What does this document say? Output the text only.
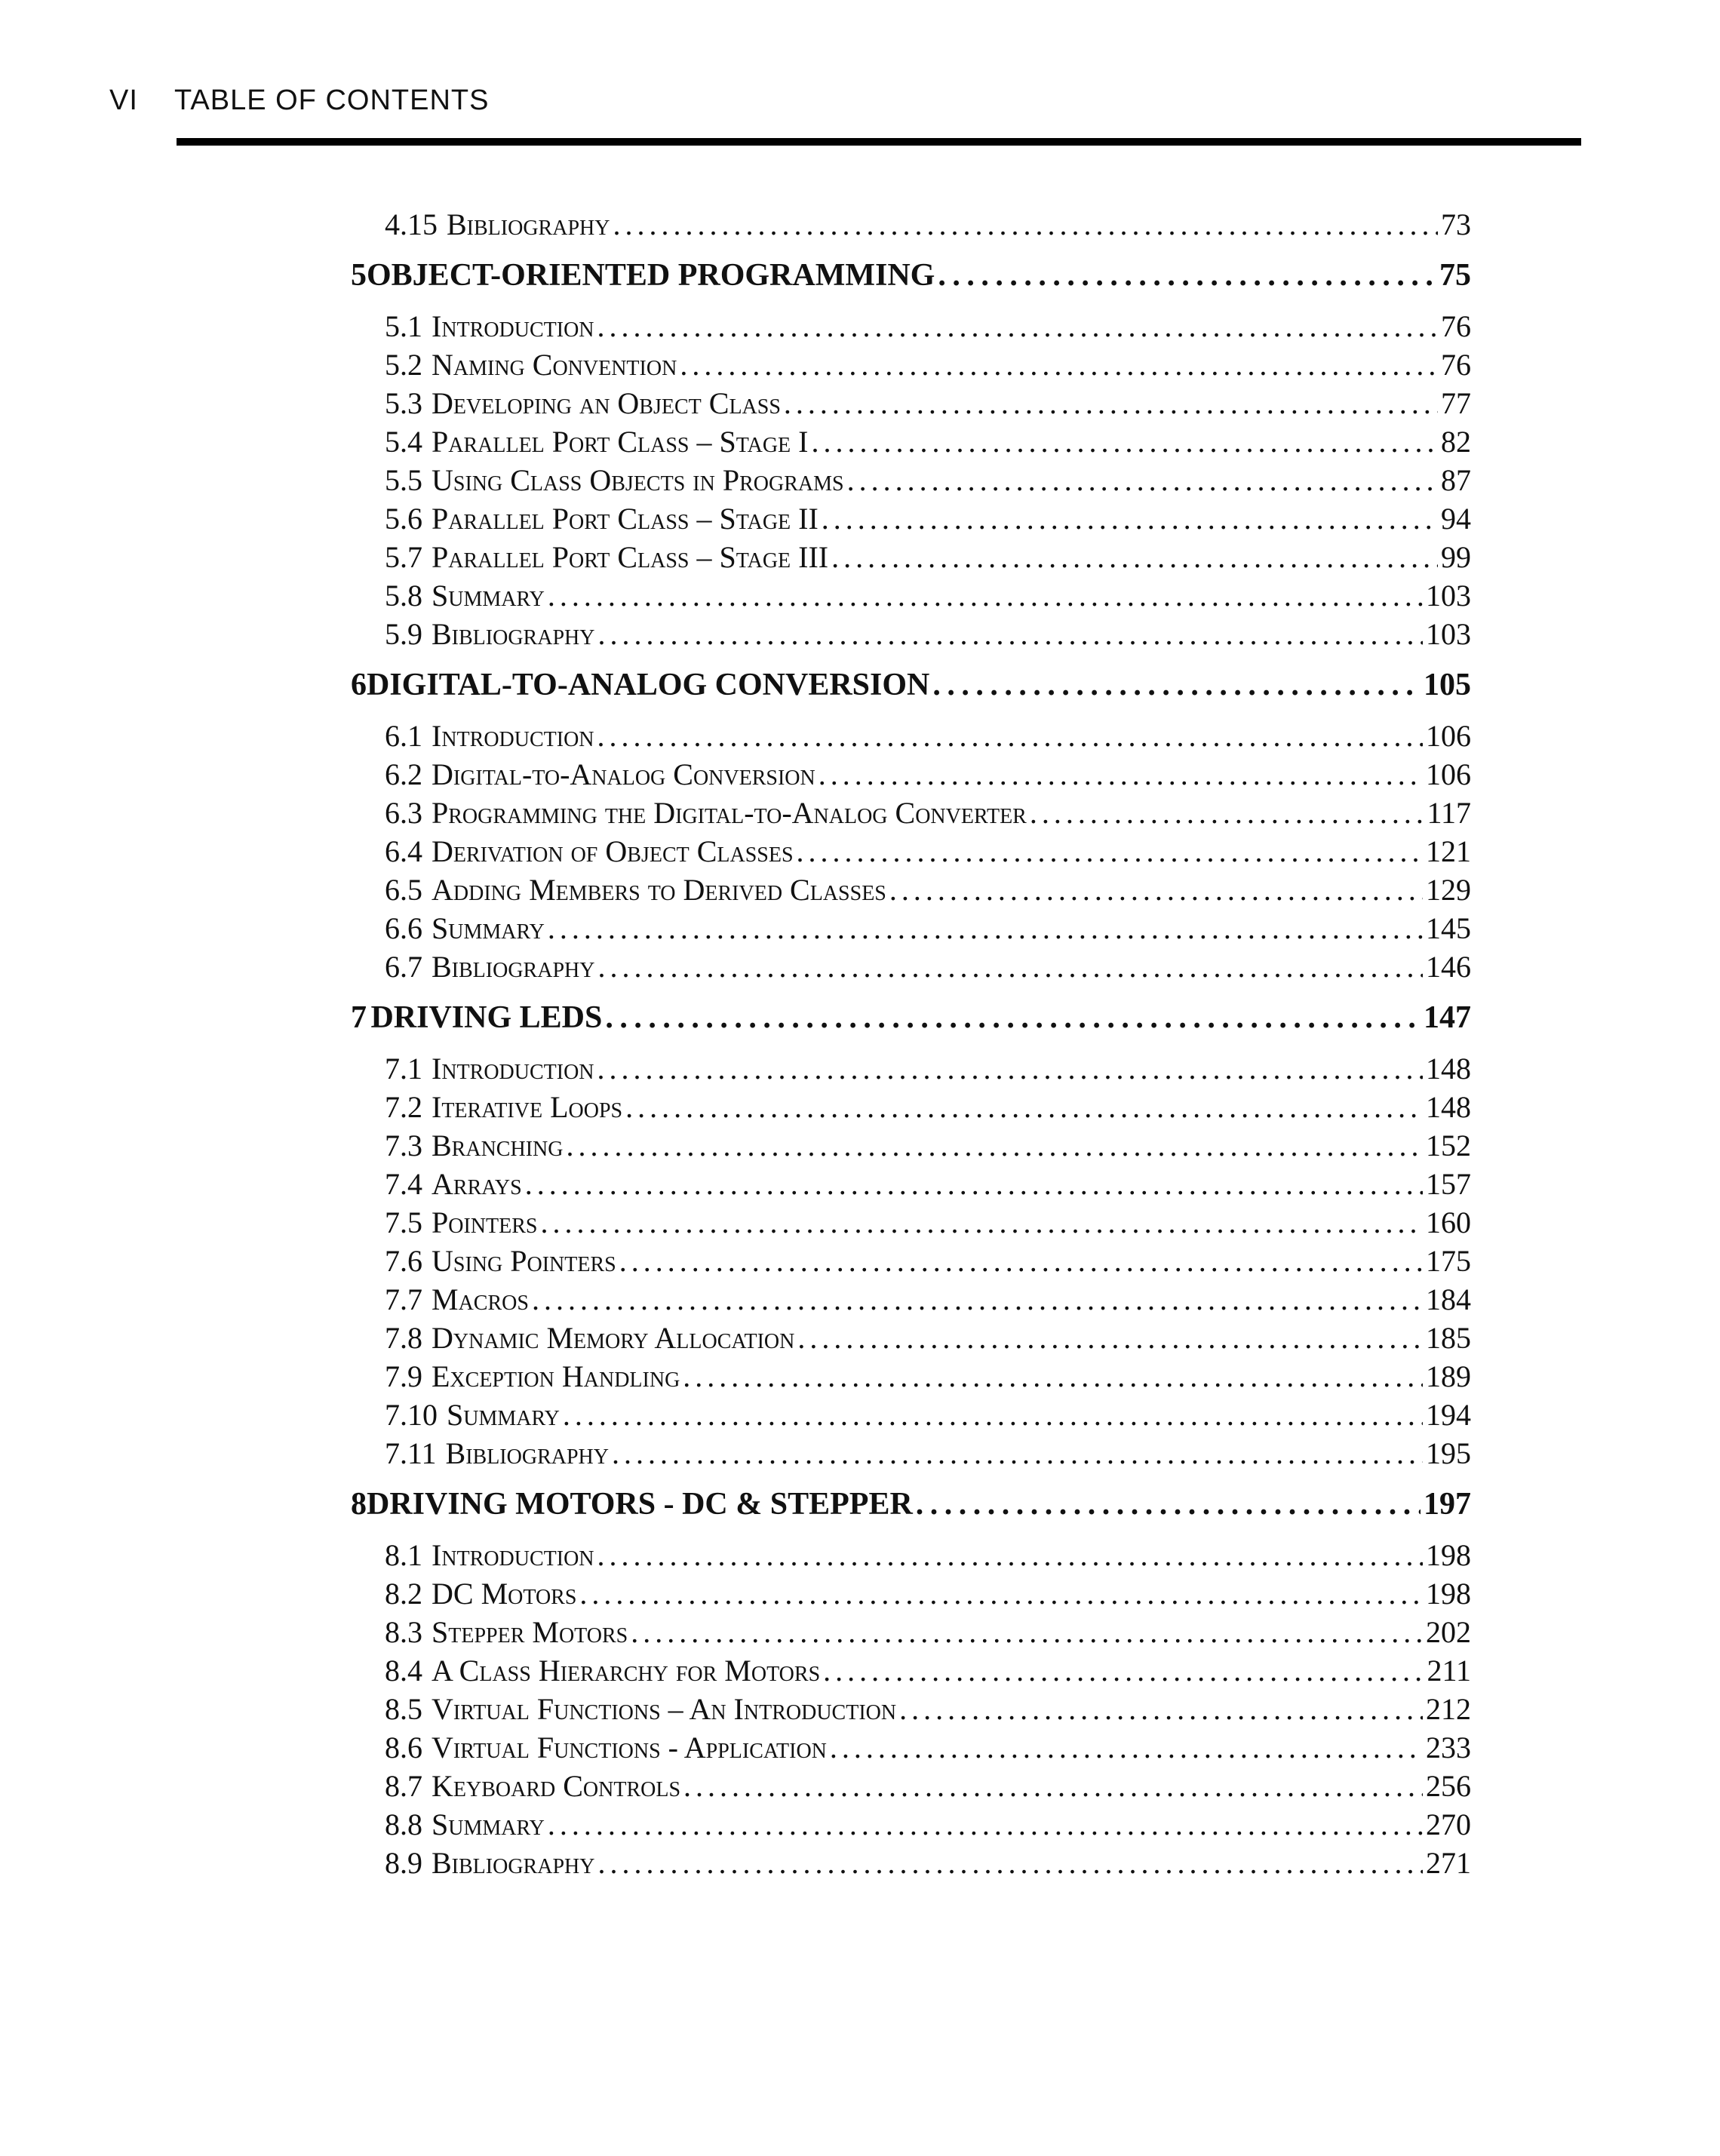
VI TABLE OF CONTENTS
4.15 Bibliography . . .	73
5 OBJECT-ORIENTED PROGRAMMING . . .	75
5.1 Introduction . . .	76
5.2 Naming Convention . . .	76
5.3 Developing an Object Class . . .	77
5.4 Parallel Port Class – Stage I . . .	82
5.5 Using Class Objects in Programs . . .	87
5.6 Parallel Port Class – Stage II . . .	94
5.7 Parallel Port Class – Stage III . . .	99
5.8 Summary . . .	103
5.9 Bibliography . . .	103
6 DIGITAL-TO-ANALOG CONVERSION . . .	105
6.1 Introduction . . .	106
6.2 Digital-to-Analog Conversion . . .	106
6.3 Programming the Digital-to-Analog Converter . . .	117
6.4 Derivation of Object Classes . . .	121
6.5 Adding Members to Derived Classes . . .	129
6.6 Summary . . .	145
6.7 Bibliography . . .	146
7 DRIVING LEDS . . .	147
7.1 Introduction . . .	148
7.2 Iterative Loops . . .	148
7.3 Branching . . .	152
7.4 Arrays . . .	157
7.5 Pointers . . .	160
7.6 Using Pointers . . .	175
7.7 Macros . . .	184
7.8 Dynamic Memory Allocation . . .	185
7.9 Exception Handling . . .	189
7.10 Summary . . .	194
7.11 Bibliography . . .	195
8 DRIVING MOTORS - DC & STEPPER . . .	197
8.1 Introduction . . .	198
8.2 DC Motors . . .	198
8.3 Stepper Motors . . .	202
8.4 A Class Hierarchy for Motors . . .	211
8.5 Virtual Functions – An Introduction . . .	212
8.6 Virtual Functions - Application . . .	233
8.7 Keyboard Controls . . .	256
8.8 Summary . . .	270
8.9 Bibliography . . .	271
